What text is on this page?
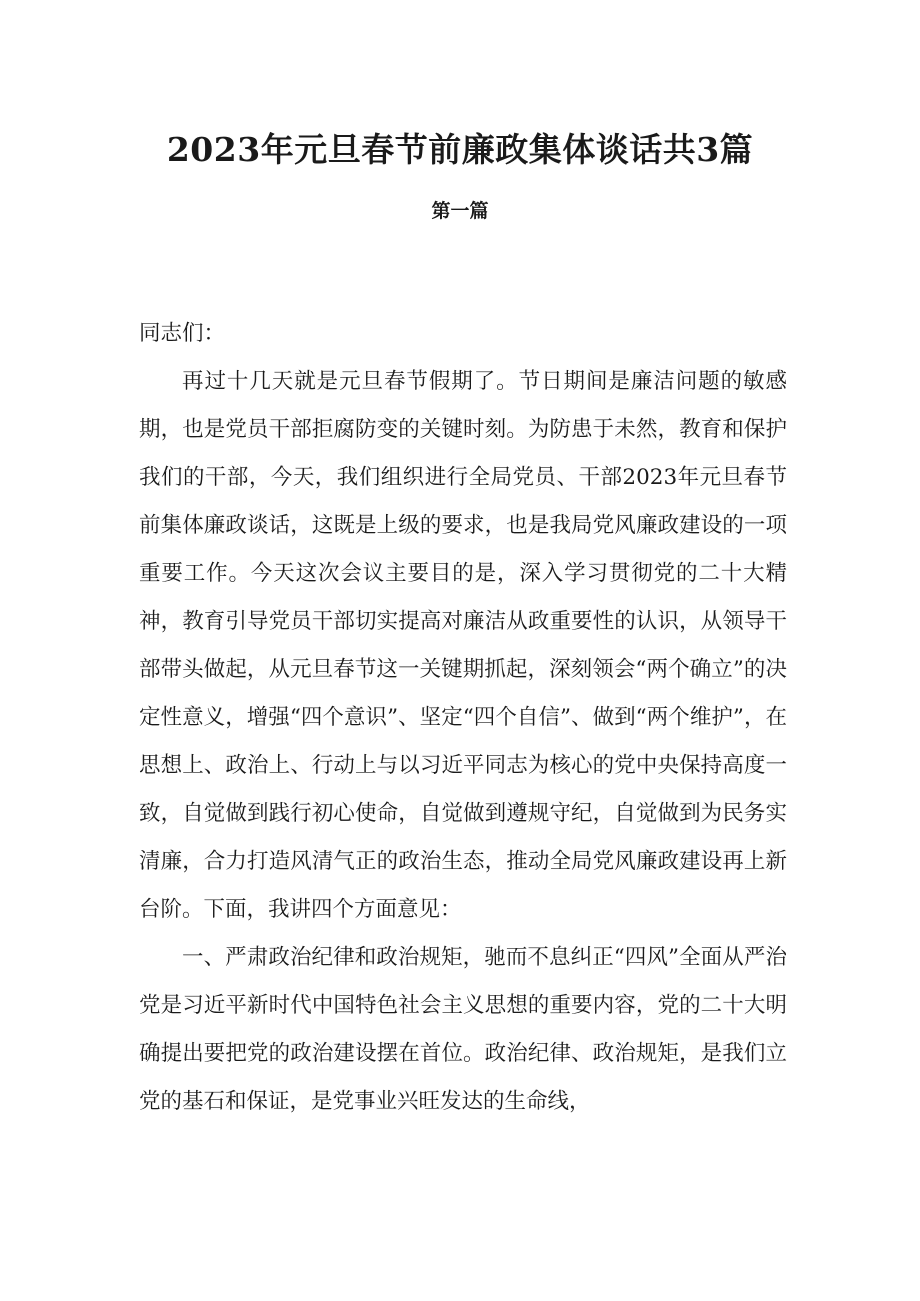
2023年元旦春节前廉政集体谈话共3篇
第一篇

同志们：

再过十几天就是元旦春节假期了。节日期间是廉洁问题的敏感期，也是党员干部拒腐防变的关键时刻。为防患于未然，教育和保护我们的干部，今天，我们组织进行全局党员、干部2023年元旦春节前集体廉政谈话，这既是上级的要求，也是我局党风廉政建设的一项重要工作。今天这次会议主要目的是，深入学习贯彻党的二十大精神，教育引导党员干部切实提高对廉洁从政重要性的认识，从领导干部带头做起，从元旦春节这一关键期抓起，深刻领会“两个确立”的决定性意义，增强“四个意识”、坚定“四个自信”、做到“两个维护”，在思想上、政治上、行动上与以习近平同志为核心的党中央保持高度一致，自觉做到践行初心使命，自觉做到遵规守纪，自觉做到为民务实清廉，合力打造风清气正的政治生态，推动全局党风廉政建设再上新台阶。下面，我讲四个方面意见：

一、严肃政治纪律和政治规矩，驰而不息纠正“四风”全面从严治党是习近平新时代中国特色社会主义思想的重要内容，党的二十大明确提出要把党的政治建设摆在首位。政治纪律、政治规矩，是我们立党的基石和保证，是党事业兴旺发达的生命线，
